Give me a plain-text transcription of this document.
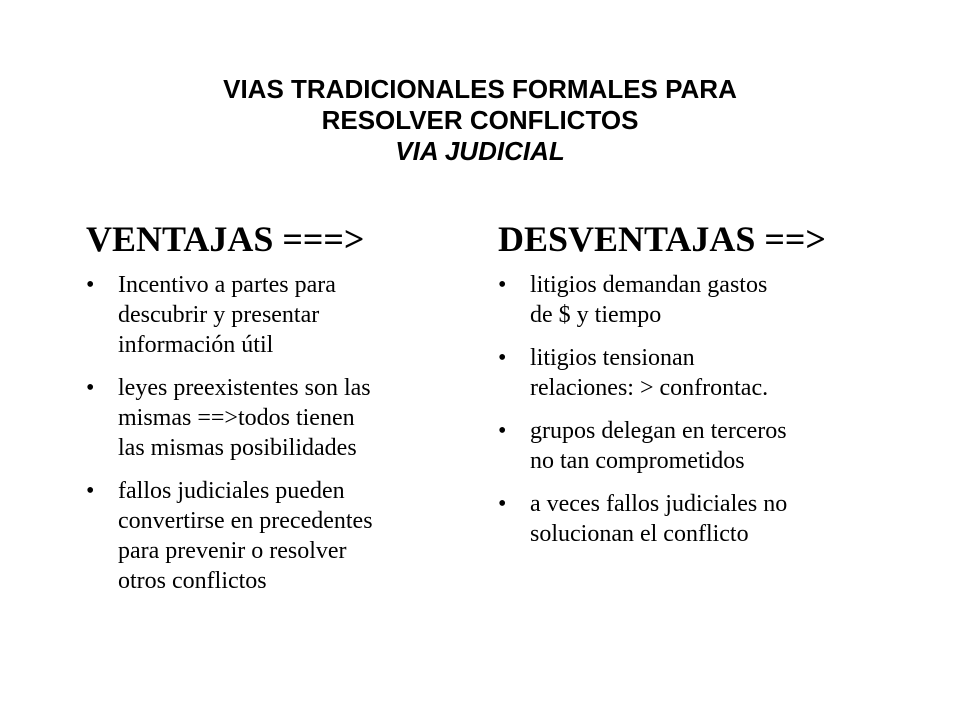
VIAS TRADICIONALES FORMALES PARA
RESOLVER CONFLICTOS
VIA JUDICIAL
VENTAJAS ===>
• Incentivo a partes para
descubrir y presentar
información útil
• leyes preexistentes son las
mismas ==>todos tienen
las mismas posibilidades
• fallos judiciales pueden
convertirse en precedentes
para prevenir o resolver
otros conflictos
DESVENTAJAS ==>
• litigios demandan gastos
de $ y tiempo
• litigios tensionan
relaciones: > confrontac.
• grupos delegan en terceros
no tan comprometidos
• a veces fallos judiciales no
solucionan el conflicto
